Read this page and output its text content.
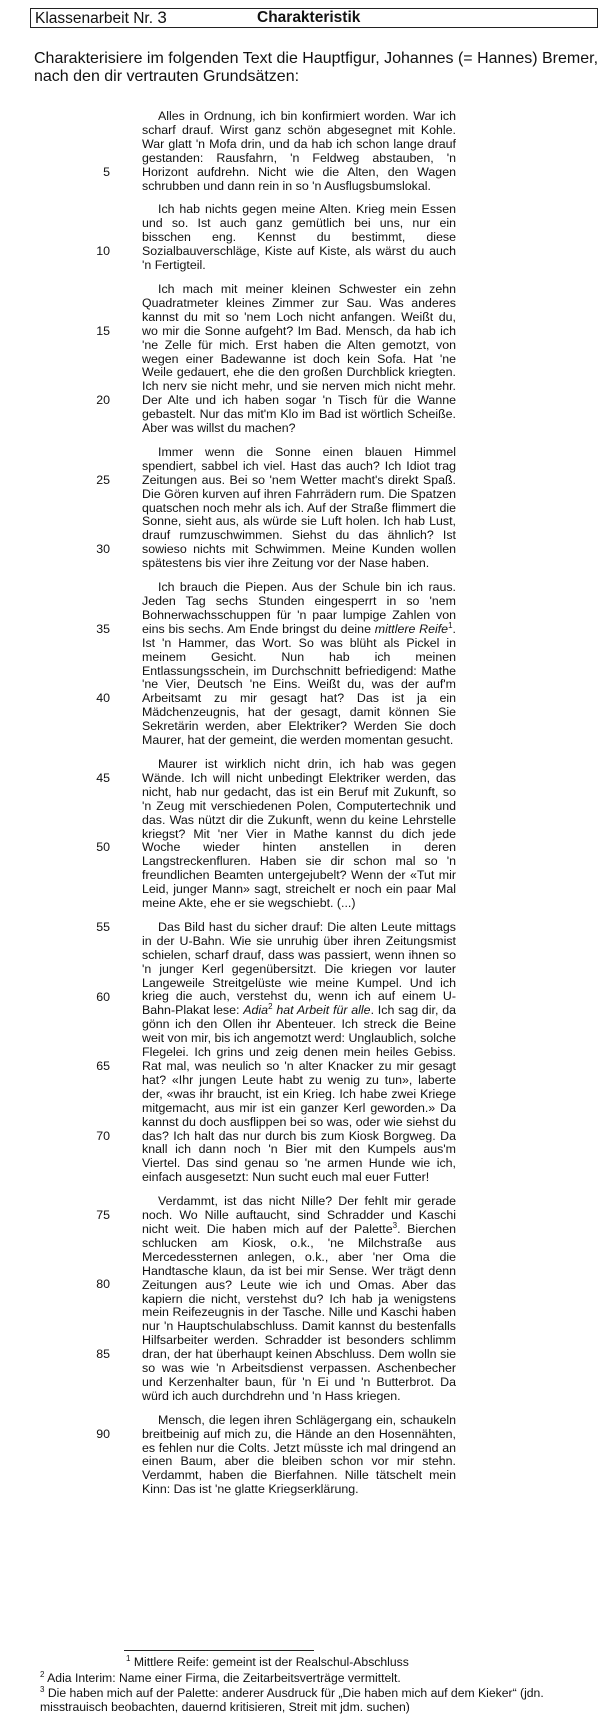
Klassenarbeit Nr. 3	Charakteristik
Charakterisiere im folgenden Text die Hauptfigur, Johannes (= Hannes) Bremer, nach den dir vertrauten Grundsätzen:

Alles in Ordnung, ich bin konfirmiert worden. War ich scharf drauf. Wirst ganz schön abgesegnet mit Kohle. War glatt 'n Mofa drin, und da hab ich schon lange drauf gestanden: Rausfahrn, 'n Feldweg abstauben, 'n Horizont aufdrehn. Nicht wie die Alten, den Wagen schrubben und dann rein in so 'n Ausflugsbumslokal.

Ich hab nichts gegen meine Alten. Krieg mein Essen und so. Ist auch ganz gemütlich bei uns, nur ein bisschen eng. Kennst du bestimmt, diese Sozialbauverschläge, Kiste auf Kiste, als wärst du auch 'n Fertigteil.

Ich mach mit meiner kleinen Schwester ein zehn Quadratmeter kleines Zimmer zur Sau. Was anderes kannst du mit so 'nem Loch nicht anfangen. Weißt du, wo mir die Sonne aufgeht? Im Bad. Mensch, da hab ich 'ne Zelle für mich. Erst haben die Alten gemotzt, von wegen einer Badewanne ist doch kein Sofa. Hat 'ne Weile gedauert, ehe die den großen Durchblick kriegten. Ich nerv sie nicht mehr, und sie nerven mich nicht mehr. Der Alte und ich haben sogar 'n Tisch für die Wanne gebastelt. Nur das mit'm Klo im Bad ist wörtlich Scheiße. Aber was willst du machen?

Immer wenn die Sonne einen blauen Himmel spendiert, sabbel ich viel. Hast das auch? Ich Idiot trag Zeitungen aus. Bei so 'nem Wetter macht's direkt Spaß. Die Gören kurven auf ihren Fahrrädern rum. Die Spatzen quatschen noch mehr als ich. Auf der Straße flimmert die Sonne, sieht aus, als würde sie Luft holen. Ich hab Lust, drauf rumzuschwimmen. Siehst du das ähnlich? Ist sowieso nichts mit Schwimmen. Meine Kunden wollen spätestens bis vier ihre Zeitung vor der Nase haben.

Ich brauch die Piepen. Aus der Schule bin ich raus. Jeden Tag sechs Stunden eingesperrt in so 'nem Bohnerwachsschuppen für 'n paar lumpige Zahlen von eins bis sechs. Am Ende bringst du deine mittlere Reife$^1$. Ist 'n Hammer, das Wort. So was blüht als Pickel in meinem Gesicht. Nun hab ich meinen Entlassungsschein, im Durchschnitt befriedigend: Mathe 'ne Vier, Deutsch 'ne Eins. Weißt du, was der auf'm Arbeitsamt zu mir gesagt hat? Das ist ja ein Mädchenzeugnis, hat der gesagt, damit können Sie Sekretärin werden, aber Elektriker? Werden Sie doch Maurer, hat der gemeint, die werden momentan gesucht.

Maurer ist wirklich nicht drin, ich hab was gegen Wände. Ich will nicht unbedingt Elektriker werden, das nicht, hab nur gedacht, das ist ein Beruf mit Zukunft, so 'n Zeug mit verschiedenen Polen, Computertechnik und das. Was nützt dir die Zukunft, wenn du keine Lehrstelle kriegst? Mit 'ner Vier in Mathe kannst du dich jede Woche wieder hinten anstellen in deren Langstreckenfluren. Haben sie dir schon mal so 'n freundlichen Beamten untergejubelt? Wenn der «Tut mir Leid, junger Mann» sagt, streichelt er noch ein paar Mal meine Akte, ehe er sie wegschiebt. (...)

Das Bild hast du sicher drauf: Die alten Leute mittags in der U-Bahn. Wie sie unruhig über ihren Zeitungsmist schielen, scharf drauf, dass was passiert, wenn ihnen so 'n junger Kerl gegenübersitzt. Die kriegen vor lauter Langeweile Streitgelüste wie meine Kumpel. Und ich krieg die auch, verstehst du, wenn ich auf einem U-Bahn-Plakat lese: Adia$^2$ hat Arbeit für alle. Ich sag dir, da gönn ich den Ollen ihr Abenteuer. Ich streck die Beine weit von mir, bis ich angemotzt werd: Unglaublich, solche Flegelei. Ich grins und zeig denen mein heiles Gebiss. Rat mal, was neulich so 'n alter Knacker zu mir gesagt hat? «Ihr jungen Leute habt zu wenig zu tun», laberte der, «was ihr braucht, ist ein Krieg. Ich habe zwei Kriege mitgemacht, aus mir ist ein ganzer Kerl geworden.» Da kannst du doch ausflippen bei so was, oder wie siehst du das? Ich halt das nur durch bis zum Kiosk Borgweg. Da knall ich dann noch 'n Bier mit den Kumpels aus'm Viertel. Das sind genau so 'ne armen Hunde wie ich, einfach ausgesetzt: Nun sucht euch mal euer Futter!

Verdammt, ist das nicht Nille? Der fehlt mir gerade noch. Wo Nille auftaucht, sind Schradder und Kaschi nicht weit. Die haben mich auf der Palette$^3$. Bierchen schlucken am Kiosk, o.k., 'ne Milchstraße aus Mercedessternen anlegen, o.k., aber 'ner Oma die Handtasche klaun, da ist bei mir Sense. Wer trägt denn Zeitungen aus? Leute wie ich und Omas. Aber das kapiern die nicht, verstehst du? Ich hab ja wenigstens mein Reifezeugnis in der Tasche. Nille und Kaschi haben nur 'n Hauptschulabschluss. Damit kannst du bestenfalls Hilfsarbeiter werden. Schradder ist besonders schlimm dran, der hat überhaupt keinen Abschluss. Dem wolln sie so was wie 'n Arbeitsdienst verpassen. Aschenbecher und Kerzenhalter baun, für 'n Ei und 'n Butterbrot. Da würd ich auch durchdrehn und 'n Hass kriegen.

Mensch, die legen ihren Schlägergang ein, schaukeln breitbeinig auf mich zu, die Hände an den Hosennähten, es fehlen nur die Colts. Jetzt müsste ich mal dringend an einen Baum, aber die bleiben schon vor mir stehn. Verdammt, haben die Bierfahnen. Nille tätschelt mein Kinn: Das ist 'ne glatte Kriegserklärung.

5
10
15
20
25
30
35
40
45
50
55
60
65
70
75
80
85
90
$^1$ Mittlere Reife: gemeint ist der Realschul-Abschluss
$^2$ Adia Interim: Name einer Firma, die Zeitarbeitsverträge vermittelt.
$^3$ Die haben mich auf der Palette: anderer Ausdruck für „Die haben mich auf dem Kieker“ (jdn. misstrauisch beobachten, dauernd kritisieren, Streit mit jdm. suchen)
